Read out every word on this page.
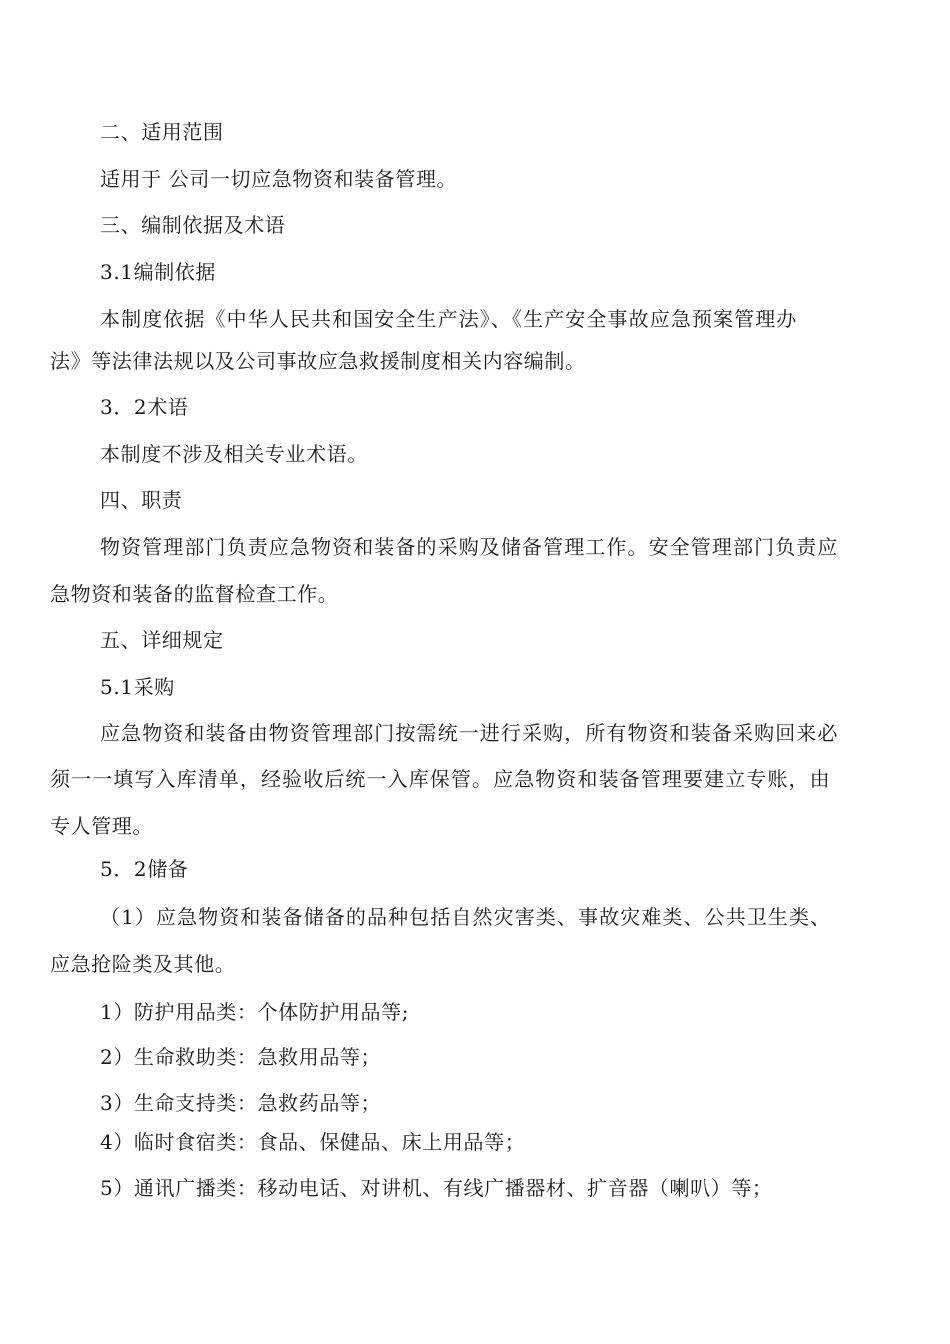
二、适用范围

适用于 公司一切应急物资和装备管理。

三、编制依据及术语

3.1编制依据

本制度依据《中华人民共和国安全生产法》、《生产安全事故应急预案管理办

法》等法律法规以及公司事故应急救援制度相关内容编制。

3．2术语

本制度不涉及相关专业术语。

四、职责

物资管理部门负责应急物资和装备的采购及储备管理工作。安全管理部门负责应

急物资和装备的监督检查工作。

五、详细规定

5.1采购

应急物资和装备由物资管理部门按需统一进行采购，所有物资和装备采购回来必

须一一填写入库清单，经验收后统一入库保管。应急物资和装备管理要建立专账，由

专人管理。

5．2储备

（1）应急物资和装备储备的品种包括自然灾害类、事故灾难类、公共卫生类、

应急抢险类及其他。

1）防护用品类：个体防护用品等;

2）生命救助类：急救用品等；

3）生命支持类：急救药品等；

4）临时食宿类：食品、保健品、床上用品等；

5）通讯广播类：移动电话、对讲机、有线广播器材、扩音器（喇叭）等；
